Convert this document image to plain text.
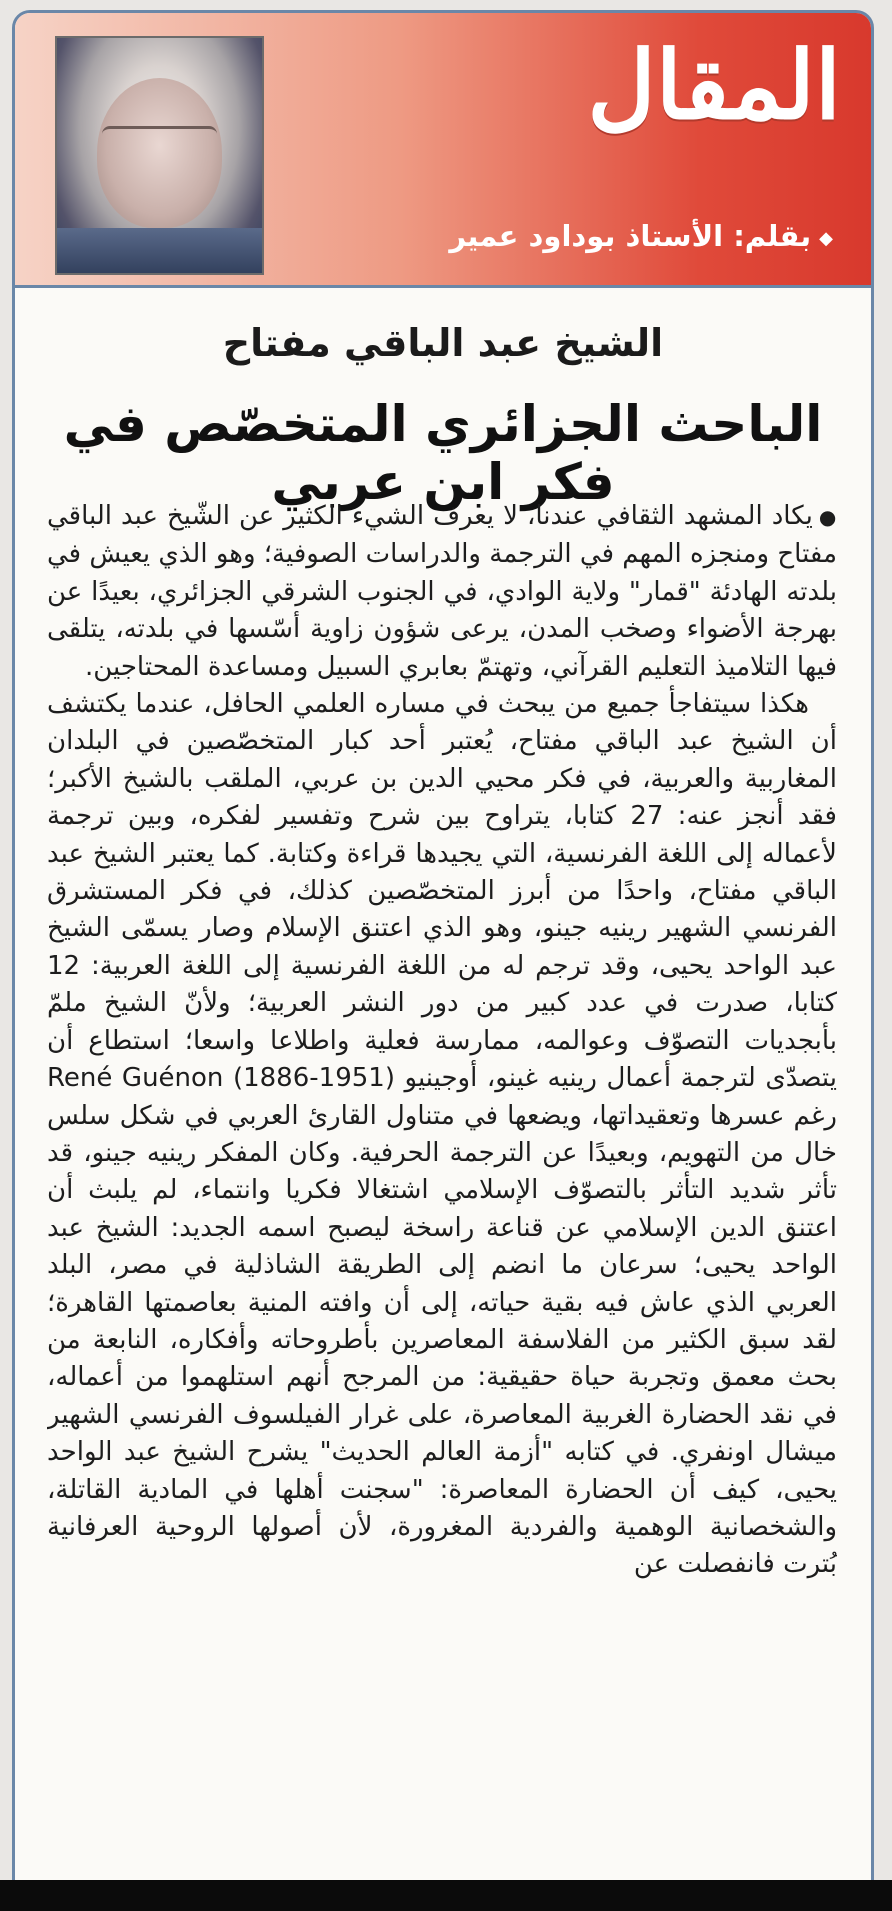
المقال
◆بقلم: الأستاذ بوداود عمير
الشيخ عبد الباقي مفتاح
الباحث الجزائري المتخصّص في فكر ابن عربي

●يكاد المشهد الثقافي عندنا، لا يعرف الشيء الكثير عن الشّيخ عبد الباقي مفتاح ومنجزه المهم في الترجمة والدراسات الصوفية؛ وهو الذي يعيش في بلدته الهادئة "قمار" ولاية الوادي، في الجنوب الشرقي الجزائري، بعيدًا عن بهرجة الأضواء وصخب المدن، يرعى شؤون زاوية أسّسها في بلدته، يتلقى فيها التلاميذ التعليم القرآني، وتهتمّ بعابري السبيل ومساعدة المحتاجين.

هكذا سيتفاجأ جميع من يبحث في مساره العلمي الحافل، عندما يكتشف أن الشيخ عبد الباقي مفتاح، يُعتبر أحد كبار المتخصّصين في البلدان المغاربية والعربية، في فكر محيي الدين بن عربي، الملقب بالشيخ الأكبر؛ فقد أنجز عنه: 27 كتابا، يتراوح بين شرح وتفسير لفكره، وبين ترجمة لأعماله إلى اللغة الفرنسية، التي يجيدها قراءة وكتابة. كما يعتبر الشيخ عبد الباقي مفتاح، واحدًا من أبرز المتخصّصين كذلك، في فكر المستشرق الفرنسي الشهير رينيه جينو، وهو الذي اعتنق الإسلام وصار يسمّى الشيخ عبد الواحد يحيى، وقد ترجم له من اللغة الفرنسية إلى اللغة العربية: 12 كتابا، صدرت في عدد كبير من دور النشر العربية؛ ولأنّ الشيخ ملمّ بأبجديات التصوّف وعوالمه، ممارسة فعلية واطلاعا واسعا؛ استطاع أن يتصدّى لترجمة أعمال رينيه غينو، أوجينيو René Guénon (1886-1951) رغم عسرها وتعقيداتها، ويضعها في متناول القارئ العربي في شكل سلس خال من التهويم، وبعيدًا عن الترجمة الحرفية. وكان المفكر رينيه جينو، قد تأثر شديد التأثر بالتصوّف الإسلامي اشتغالا فكريا وانتماء، لم يلبث أن اعتنق الدين الإسلامي عن قناعة راسخة ليصبح اسمه الجديد: الشيخ عبد الواحد يحيى؛ سرعان ما انضم إلى الطريقة الشاذلية في مصر، البلد العربي الذي عاش فيه بقية حياته، إلى أن وافته المنية بعاصمتها القاهرة؛ لقد سبق الكثير من الفلاسفة المعاصرين بأطروحاته وأفكاره، النابعة من بحث معمق وتجربة حياة حقيقية: من المرجح أنهم استلهموا من أعماله، في نقد الحضارة الغربية المعاصرة، على غرار الفيلسوف الفرنسي الشهير ميشال اونفري. في كتابه "أزمة العالم الحديث" يشرح الشيخ عبد الواحد يحيى، كيف أن الحضارة المعاصرة: "سجنت أهلها في المادية القاتلة، والشخصانية الوهمية والفردية المغرورة، لأن أصولها الروحية العرفانية بُترت فانفصلت عن
